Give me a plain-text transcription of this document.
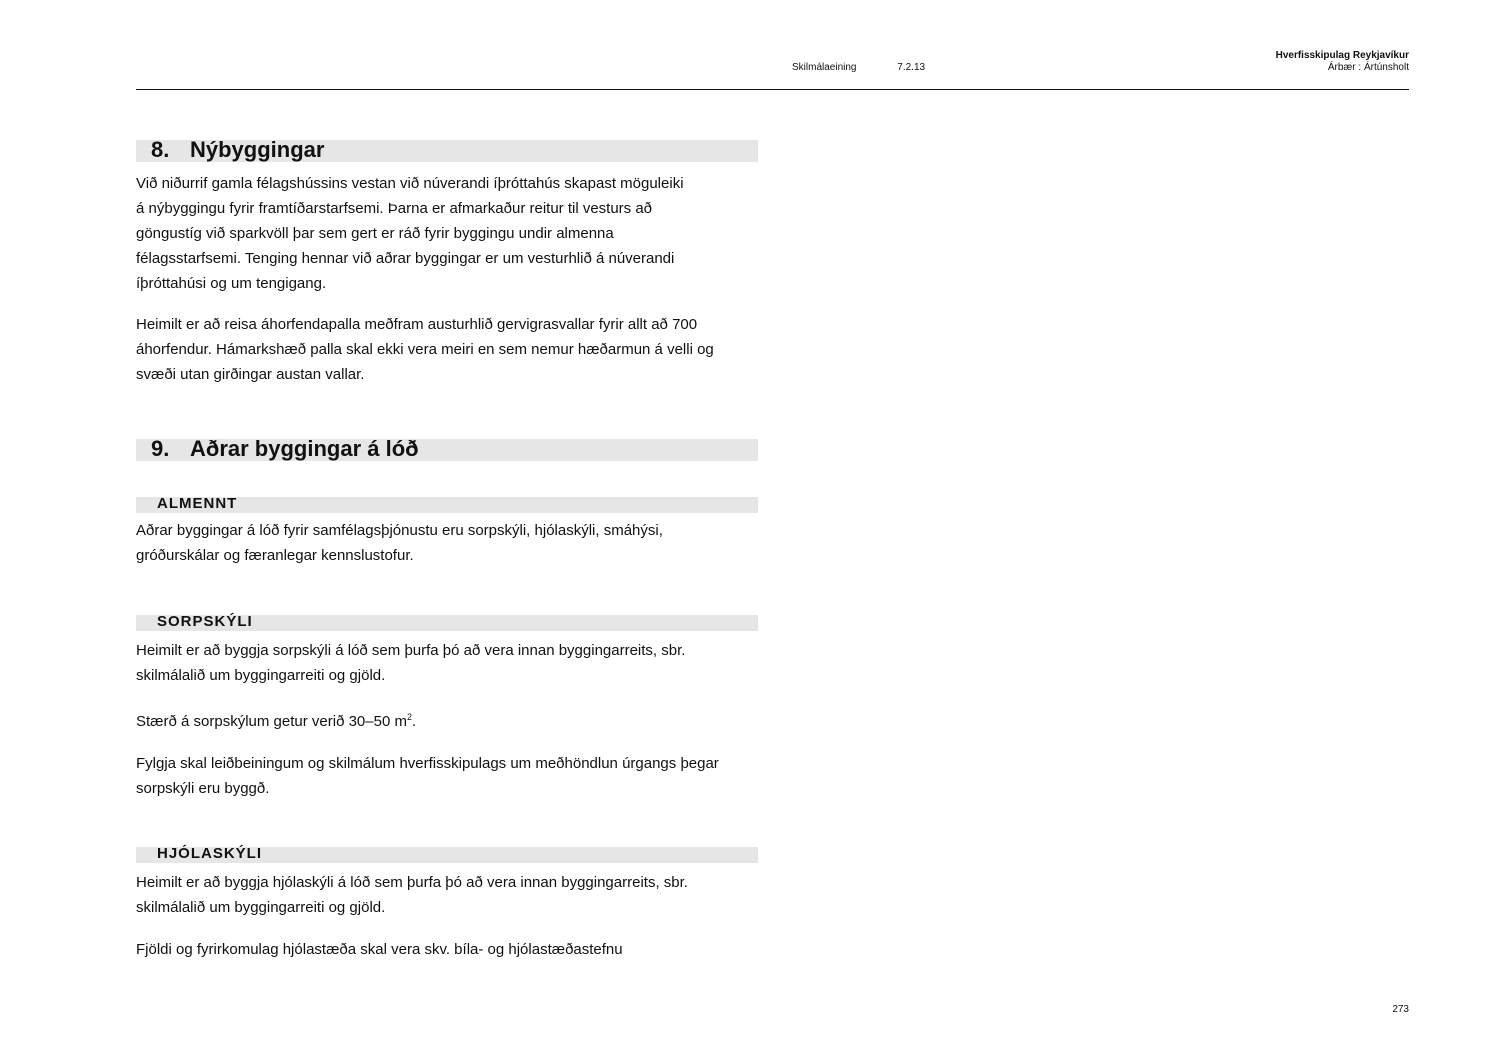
Skilmálaeining	7.2.13
Hverfisskipulag Reykjavíkur
Árbær : Ártúnsholt
8. Nýbyggingar

Við niðurrif gamla félagshússins vestan við núverandi íþróttahús skapast möguleiki á nýbyggingu fyrir framtíðarstarfsemi. Þarna er afmarkaður reitur til vesturs að göngustíg við sparkvöll þar sem gert er ráð fyrir byggingu undir almenna félagsstarfsemi. Tenging hennar við aðrar byggingar er um vesturhlið á núverandi íþróttahúsi og um tengigang.

Heimilt er að reisa áhorfendapalla meðfram austurhlið gervigrasvallar fyrir allt að 700 áhorfendur. Hámarkshæð palla skal ekki vera meiri en sem nemur hæðarmun á velli og svæði utan girðingar austan vallar.

9. Aðrar byggingar á lóð
ALMENNT

Aðrar byggingar á lóð fyrir samfélagsþjónustu eru sorpskýli, hjólaskýli, smáhýsi, gróðurskálar og færanlegar kennslustofur.

SORPSKÝLI

Heimilt er að byggja sorpskýli á lóð sem þurfa þó að vera innan byggingarreits, sbr. skilmálalið um byggingarreiti og gjöld.

Stærð á sorpskýlum getur verið 30–50 $m^2$.

Fylgja skal leiðbeiningum og skilmálum hverfisskipulags um meðhöndlun úrgangs þegar sorpskýli eru byggð.

HJÓLASKÝLI

Heimilt er að byggja hjólaskýli á lóð sem þurfa þó að vera innan byggingarreits, sbr. skilmálalið um byggingarreiti og gjöld.

Fjöldi og fyrirkomulag hjólastæða skal vera skv. bíla- og hjólastæðastefnu

273
